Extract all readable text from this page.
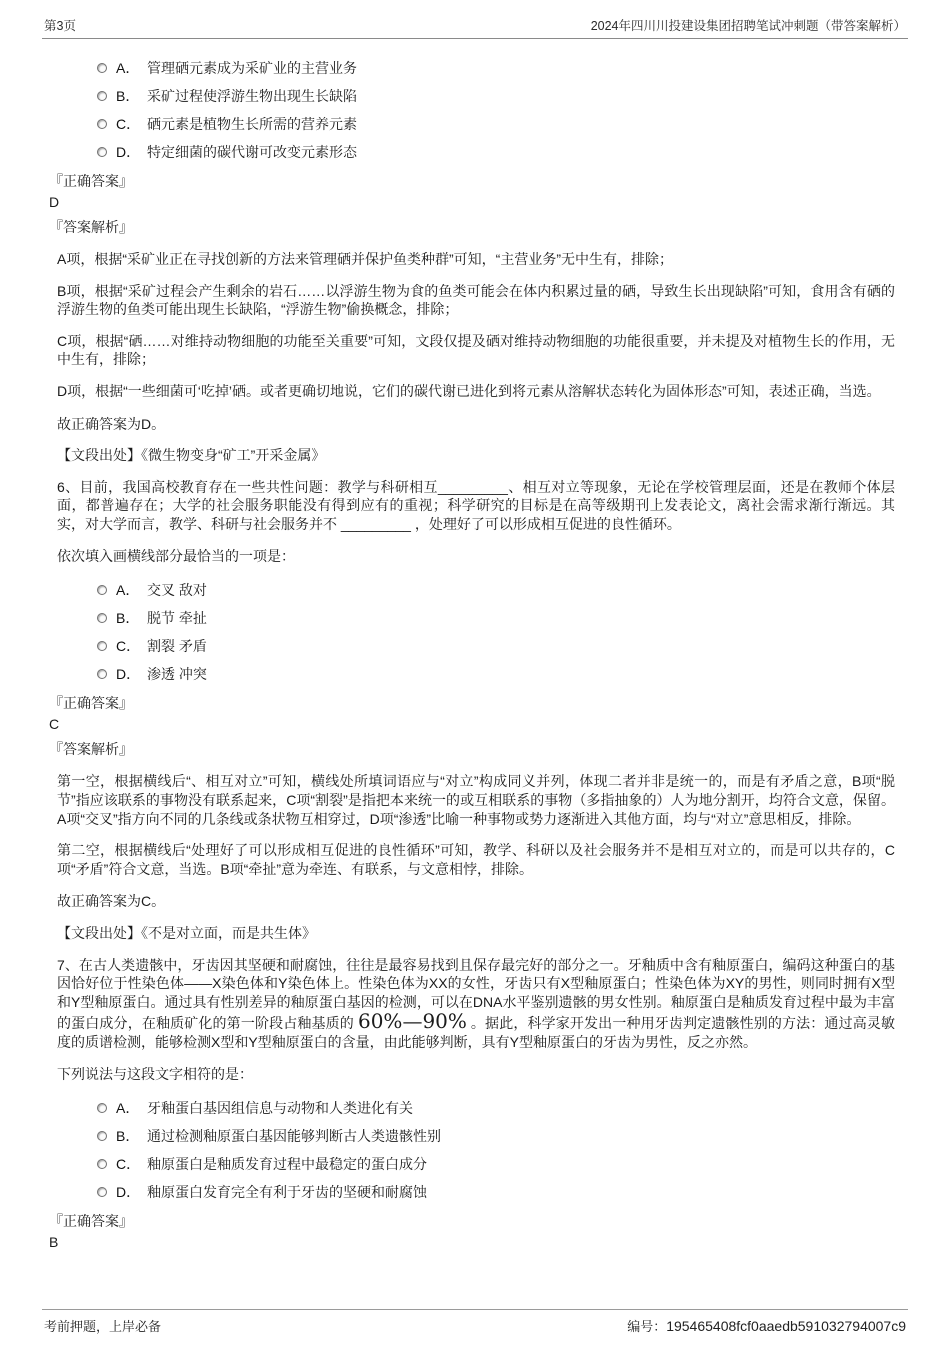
第3页	2024年四川川投建设集团招聘笔试冲刺题（带答案解析）
A． 管理硒元素成为采矿业的主营业务
B． 采矿过程使浮游生物出现生长缺陷
C． 硒元素是植物生长所需的营养元素
D． 特定细菌的碳代谢可改变元素形态
『正确答案』
D
『答案解析』

A项，根据“采矿业正在寻找创新的方法来管理硒并保护鱼类种群”可知，“主营业务”无中生有，排除；

B项，根据“采矿过程会产生剩余的岩石……以浮游生物为食的鱼类可能会在体内积累过量的硒，导致生长出现缺陷”可知，食用含有硒的浮游生物的鱼类可能出现生长缺陷，“浮游生物”偷换概念，排除；

C项，根据“硒……对维持动物细胞的功能至关重要”可知，文段仅提及硒对维持动物细胞的功能很重要，并未提及对植物生长的作用，无中生有，排除；

D项，根据“一些细菌可‘吃掉’硒。或者更确切地说，它们的碳代谢已进化到将元素从溶解状态转化为固体形态”可知，表述正确，当选。

故正确答案为D。

【文段出处】《微生物变身“矿工”开采金属》

6、目前，我国高校教育存在一些共性问题：教学与科研相互_________、相互对立等现象，无论在学校管理层面，还是在教师个体层面，都普遍存在；大学的社会服务职能没有得到应有的重视；科学研究的目标是在高等级期刊上发表论文，离社会需求渐行渐远。其实，对大学而言，教学、科研与社会服务并不 _________ ，处理好了可以形成相互促进的良性循环。

依次填入画横线部分最恰当的一项是：

A． 交叉 敌对
B． 脱节 牵扯
C． 割裂 矛盾
D． 渗透 冲突
『正确答案』
C
『答案解析』

第一空，根据横线后“、相互对立”可知，横线处所填词语应与“对立”构成同义并列，体现二者并非是统一的，而是有矛盾之意，B项“脱节”指应该联系的事物没有联系起来，C项“割裂”是指把本来统一的或互相联系的事物（多指抽象的）人为地分割开，均符合文意，保留。A项“交叉”指方向不同的几条线或条状物互相穿过，D项“渗透”比喻一种事物或势力逐渐进入其他方面，均与“对立”意思相反，排除。

第二空，根据横线后“处理好了可以形成相互促进的良性循环”可知，教学、科研以及社会服务并不是相互对立的，而是可以共存的，C项“矛盾”符合文意，当选。B项“牵扯”意为牵连、有联系，与文意相悖，排除。

故正确答案为C。

【文段出处】《不是对立面，而是共生体》

7、在古人类遗骸中，牙齿因其坚硬和耐腐蚀，往往是最容易找到且保存最完好的部分之一。牙釉质中含有釉原蛋白，编码这种蛋白的基因恰好位于性染色体——X染色体和Y染色体上。性染色体为XX的女性，牙齿只有X型釉原蛋白；性染色体为XY的男性，则同时拥有X型和Y型釉原蛋白。通过具有性别差异的釉原蛋白基因的检测，可以在DNA水平鉴别遗骸的男女性别。釉原蛋白是釉质发育过程中最为丰富的蛋白成分，在釉质矿化的第一阶段占釉基质的 60%—90% 。据此，科学家开发出一种用牙齿判定遗骸性别的方法：通过高灵敏度的质谱检测，能够检测X型和Y型釉原蛋白的含量，由此能够判断，具有Y型釉原蛋白的牙齿为男性，反之亦然。

下列说法与这段文字相符的是：

A． 牙釉蛋白基因组信息与动物和人类进化有关
B． 通过检测釉原蛋白基因能够判断古人类遗骸性别
C． 釉原蛋白是釉质发育过程中最稳定的蛋白成分
D． 釉原蛋白发育完全有利于牙齿的坚硬和耐腐蚀
『正确答案』
B
考前押题，上岸必备	编号：195465408fcf0aaedb591032794007c9
